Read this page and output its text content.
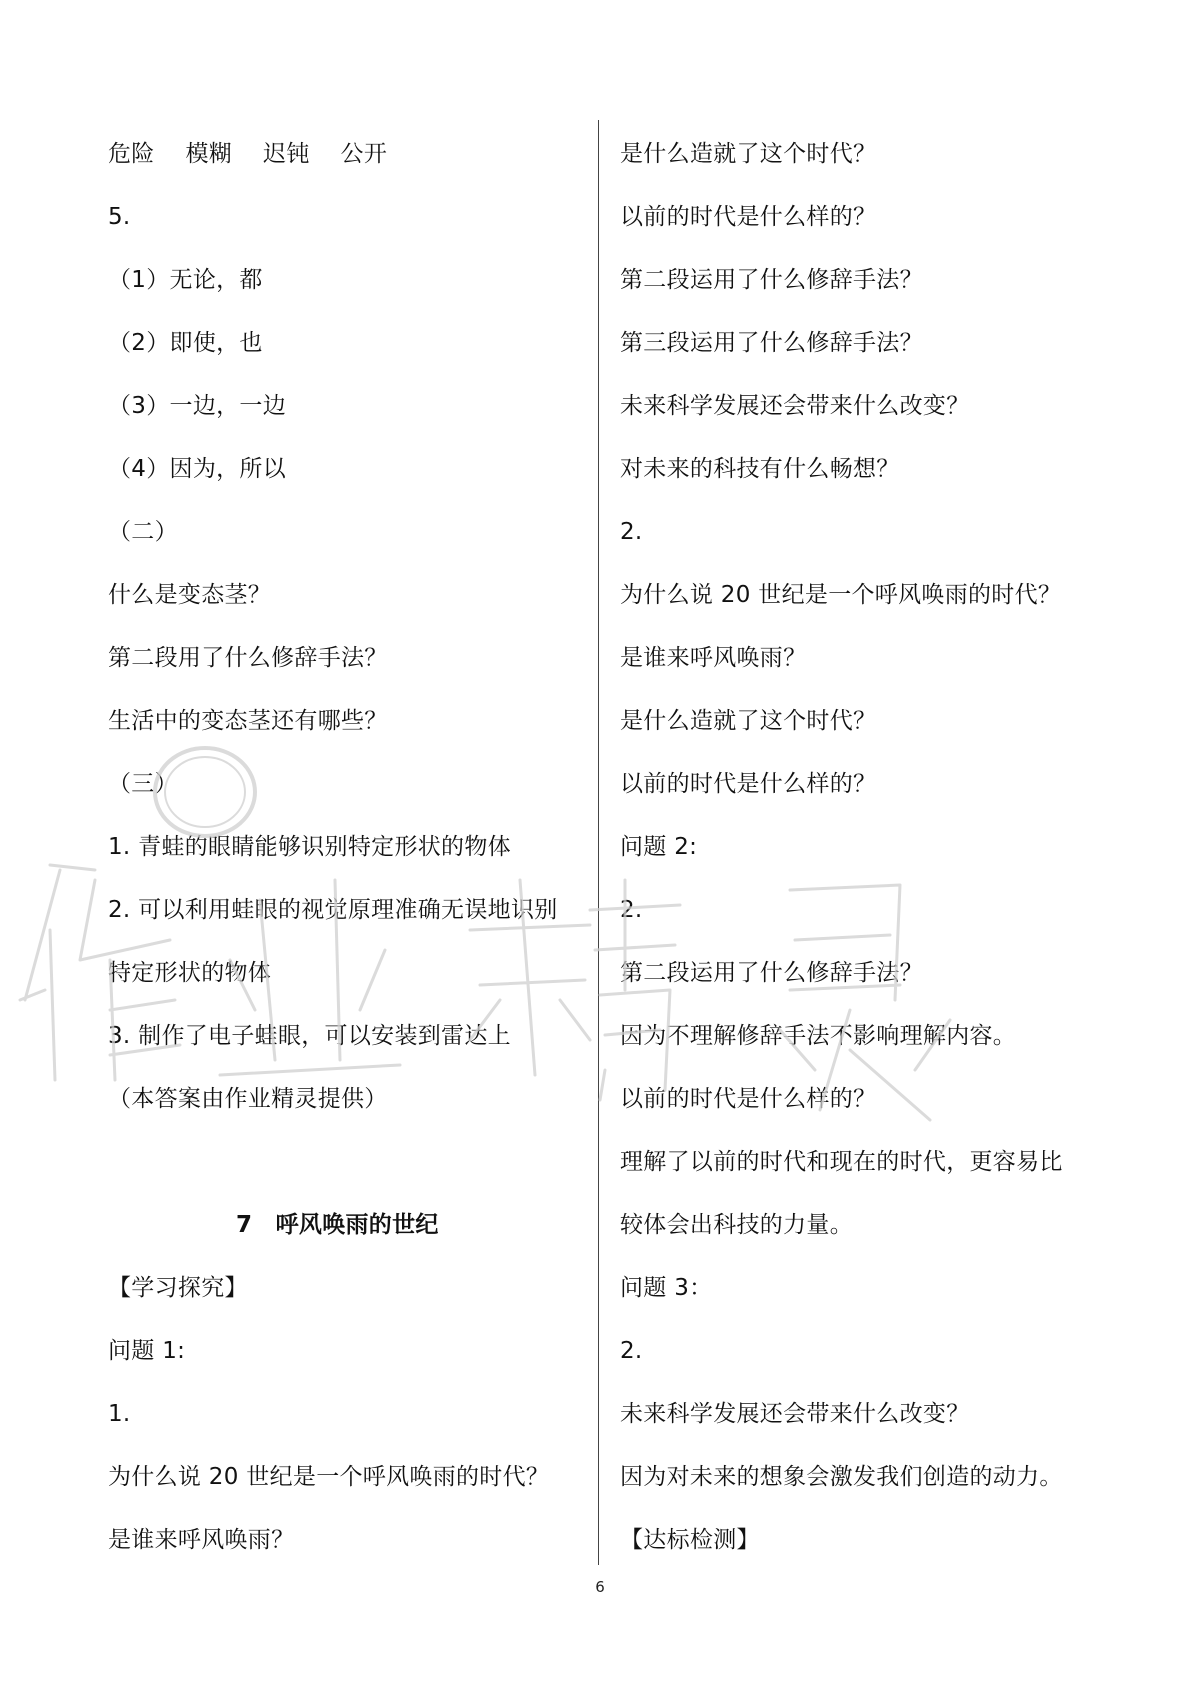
危险　 模糊　 迟钝　 公开
5.
（1）无论，都
（2）即使，也
（3）一边，一边
（4）因为，所以
（二）
什么是变态茎？
第二段用了什么修辞手法？
生活中的变态茎还有哪些？
（三）
1. 青蛙的眼睛能够识别特定形状的物体
2. 可以利用蛙眼的视觉原理准确无误地识别
特定形状的物体
3. 制作了电子蛙眼，可以安装到雷达上
（本答案由作业精灵提供）
7　呼风唤雨的世纪
【学习探究】
问题 1:
1.
为什么说 20 世纪是一个呼风唤雨的时代？
是谁来呼风唤雨？
是什么造就了这个时代？
以前的时代是什么样的？
第二段运用了什么修辞手法？
第三段运用了什么修辞手法？
未来科学发展还会带来什么改变？
对未来的科技有什么畅想？
2.
为什么说 20 世纪是一个呼风唤雨的时代？
是谁来呼风唤雨？
是什么造就了这个时代？
以前的时代是什么样的？
问题 2:
2.
第二段运用了什么修辞手法？
因为不理解修辞手法不影响理解内容。
以前的时代是什么样的？
理解了以前的时代和现在的时代，更容易比
较体会出科技的力量。
问题 3：
2.
未来科学发展还会带来什么改变？
因为对未来的想象会激发我们创造的动力。
【达标检测】
6
